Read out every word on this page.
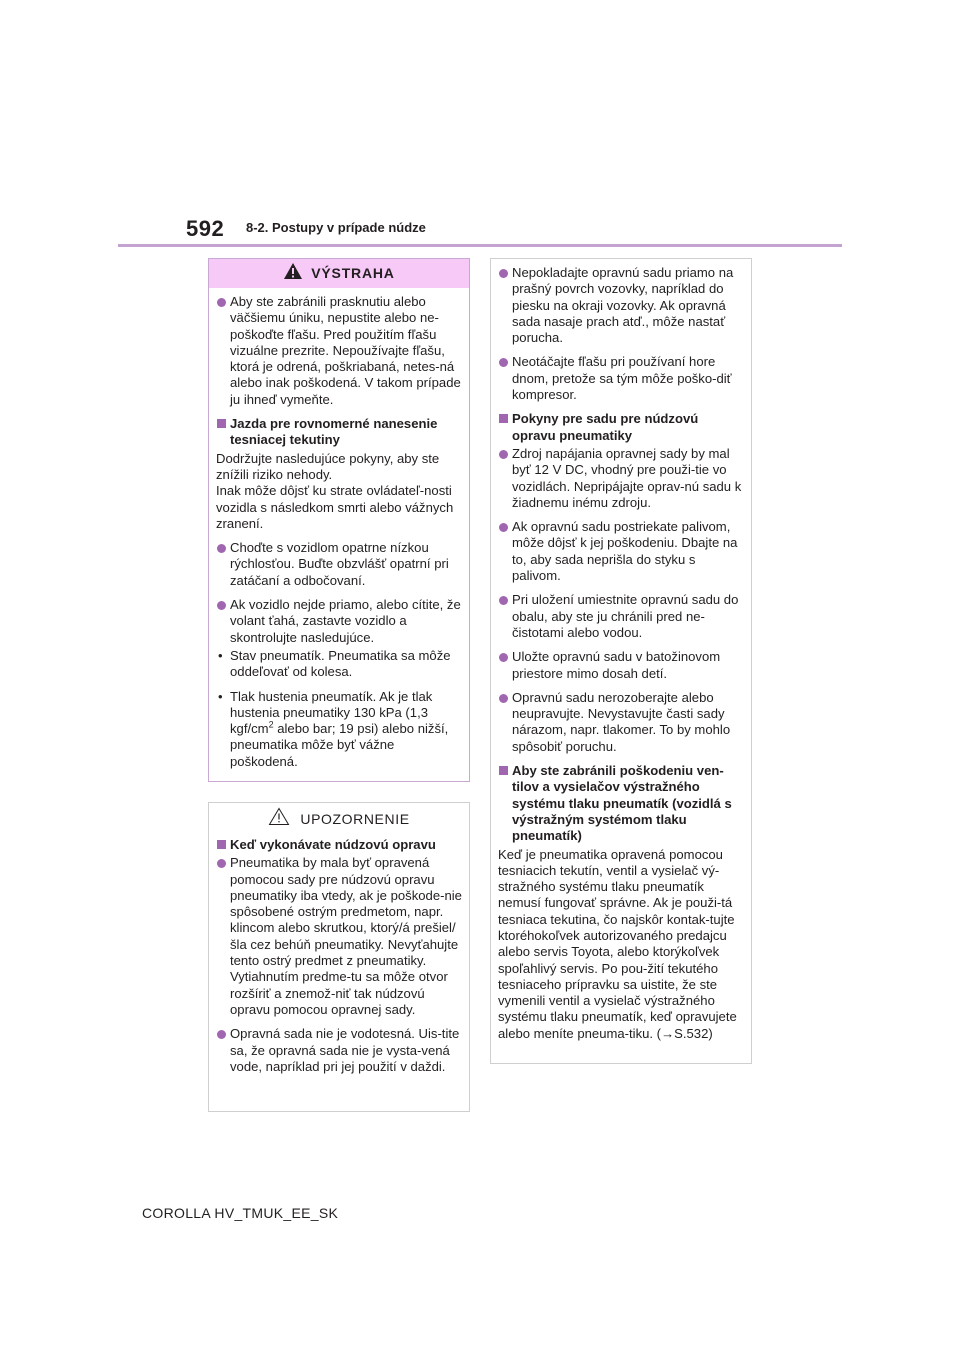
592 8-2. Postupy v prípade núdze
VÝSTRAHA
Aby ste zabránili prasknutiu alebo väčšiemu úniku, nepustite alebo ne-poškoďte fľašu. Pred použitím fľašu vizuálne prezrite. Nepoužívajte fľašu, ktorá je odrená, poškriabaná, netes-ná alebo inak poškodená. V takom prípade ju ihneď vymeňte.
Jazda pre rovnomerné nanesenie tesniacej tekutiny
Dodržujte nasledujúce pokyny, aby ste znížili riziko nehody.
Inak môže dôjsť ku strate ovládateľ-nosti vozidla s následkom smrti alebo vážnych zranení.
Choďte s vozidlom opatrne nízkou rýchlosťou. Buďte obzvlášť opatrní pri zatáčaní a odbočovaní.
Ak vozidlo nejde priamo, alebo cítite, že volant ťahá, zastavte vozidlo a skontrolujte nasledujúce.
• Stav pneumatík. Pneumatika sa môže oddeľovať od kolesa.
• Tlak hustenia pneumatík. Ak je tlak hustenia pneumatiky 130 kPa (1,3 kgf/$cm^2$ alebo bar; 19 psi) alebo nižší, pneumatika môže byť vážne poškodená.
UPOZORNENIE
Keď vykonávate núdzovú opravu
Pneumatika by mala byť opravená pomocou sady pre núdzovú opravu pneumatiky iba vtedy, ak je poškode-nie spôsobené ostrým predmetom, napr. klincom alebo skrutkou, ktorý/á prešiel/šla cez behúň pneumatiky. Nevyťahujte tento ostrý predmet z pneumatiky. Vytiahnutím predme-tu sa môže otvor rozšíriť a znemož-niť tak núdzovú opravu pomocou opravnej sady.
Opravná sada nie je vodotesná. Uis-tite sa, že opravná sada nie je vysta-vená vode, napríklad pri jej použití v daždi.
Nepokladajte opravnú sadu priamo na prašný povrch vozovky, napríklad do piesku na okraji vozovky. Ak opravná sada nasaje prach atď., môže nastať porucha.
Neotáčajte fľašu pri používaní hore dnom, pretože sa tým môže poško-diť kompresor.
Pokyny pre sadu pre núdzovú opravu pneumatiky
Zdroj napájania opravnej sady by mal byť 12 V DC, vhodný pre použi-tie vo vozidlách. Nepripájajte oprav-nú sadu k žiadnemu inému zdroju.
Ak opravnú sadu postriekate palivom, môže dôjsť k jej poškodeniu. Dbajte na to, aby sada neprišla do styku s palivom.
Pri uložení umiestnite opravnú sadu do obalu, aby ste ju chránili pred ne-čistotami alebo vodou.
Uložte opravnú sadu v batožinovom priestore mimo dosah detí.
Opravnú sadu nerozoberajte alebo neupravujte. Nevystavujte časti sady nárazom, napr. tlakomer. To by mohlo spôsobiť poruchu.
Aby ste zabránili poškodeniu ven-tilov a vysielačov výstražného systému tlaku pneumatík (vozidlá s výstražným systémom tlaku pneumatík)
Keď je pneumatika opravená pomocou tesniacich tekutín, ventil a vysielač vý-stražného systému tlaku pneumatík nemusí fungovať správne. Ak je použi-tá tesniaca tekutina, čo najskôr kontak-tujte ktoréhokoľvek autorizovaného predajcu alebo servis Toyota, alebo ktorýkoľvek spoľahlivý servis. Po pou-žití tekutého tesniaceho prípravku sa uistite, že ste vymenili ventil a vysielač výstražného systému tlaku pneumatík, keď opravujete alebo meníte pneuma-tiku. (→S.532)
COROLLA HV_TMUK_EE_SK
